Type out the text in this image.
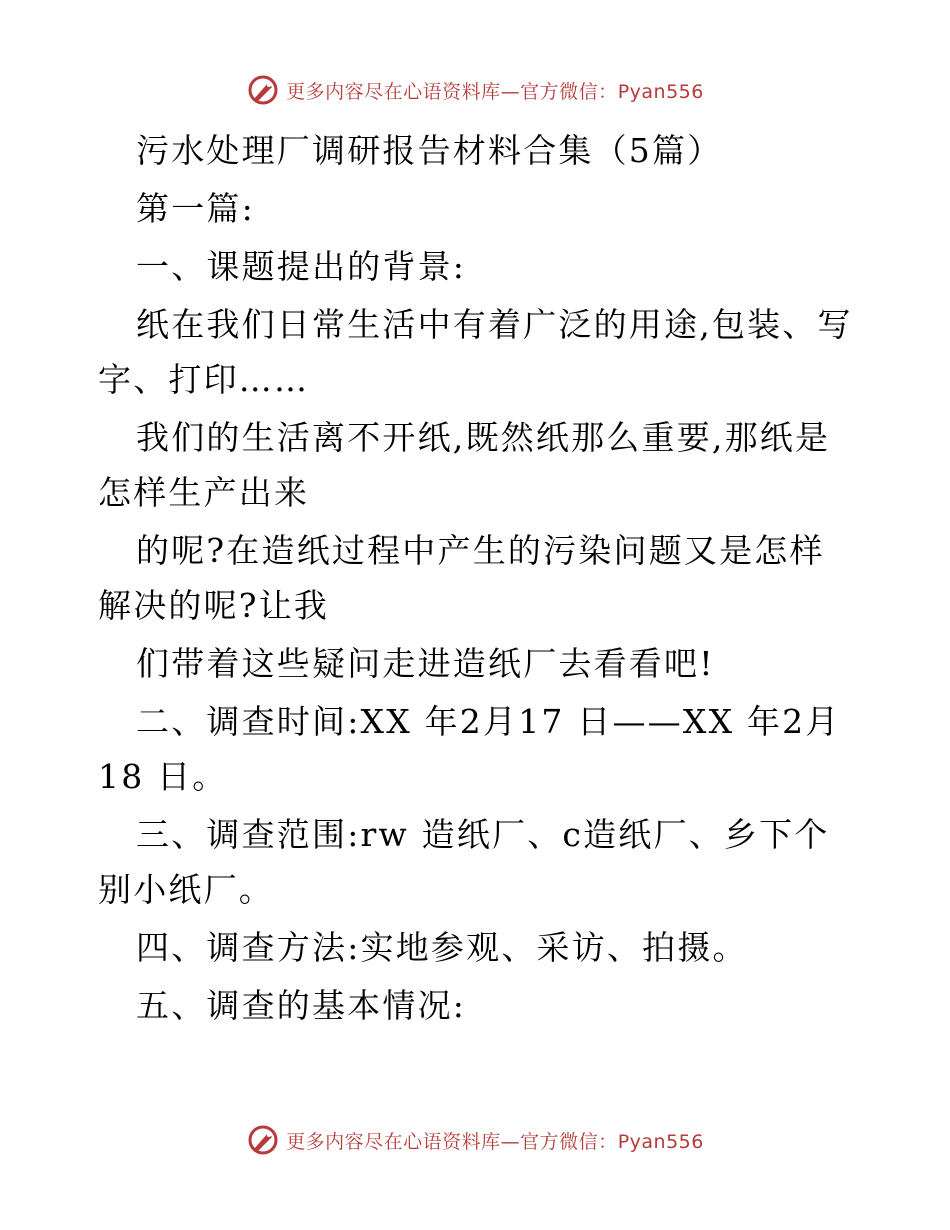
更多内容尽在心语资料库—官方微信：Pyan556

污水处理厂调研报告材料合集（5篇）

第一篇:

一、课题提出的背景:

纸在我们日常生活中有着广泛的用途,包装、写字、打印……

我们的生活离不开纸,既然纸那么重要,那纸是怎样生产出来

的呢?在造纸过程中产生的污染问题又是怎样解决的呢?让我

们带着这些疑问走进造纸厂去看看吧!

二、调查时间:XX 年2月17 日——XX 年2月18 日。

三、调查范围:rw 造纸厂、c造纸厂、乡下个别小纸厂。

四、调查方法:实地参观、采访、拍摄。

五、调查的基本情况:

更多内容尽在心语资料库—官方微信：Pyan556
